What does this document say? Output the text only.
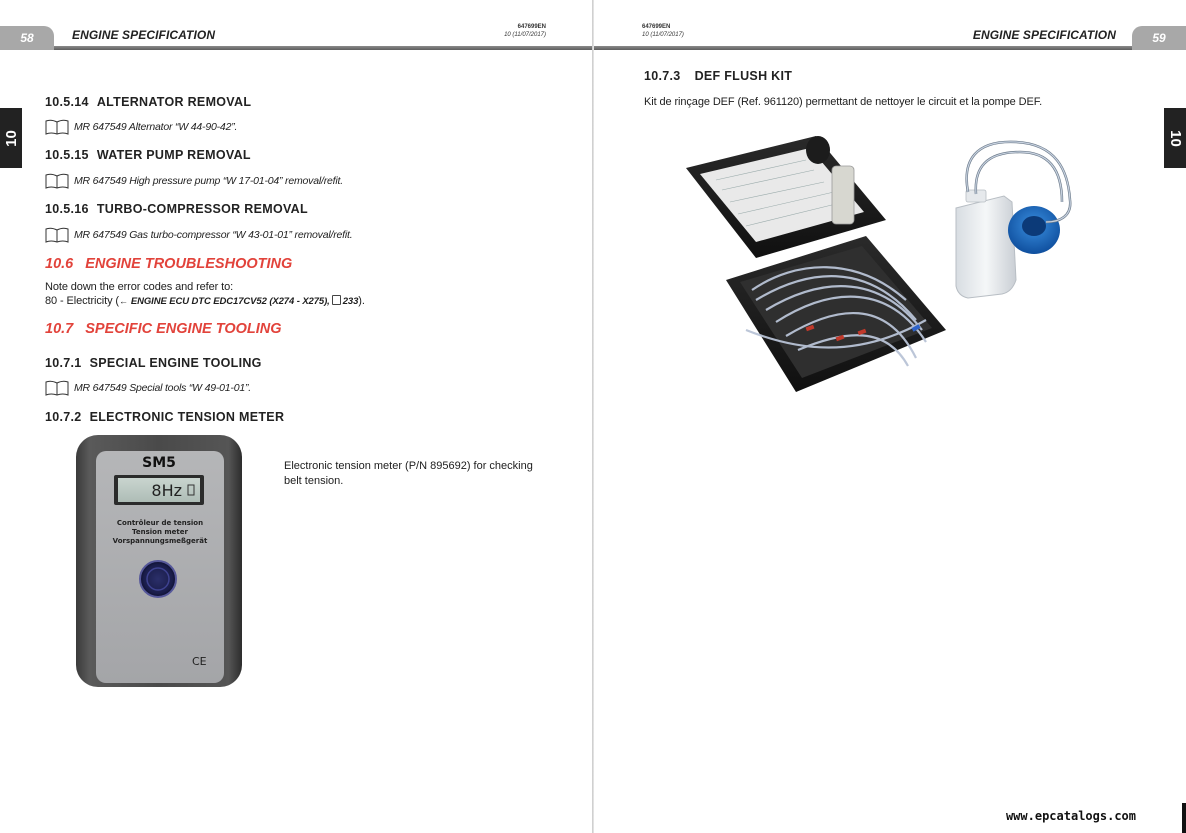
58	ENGINE SPECIFICATION
647699EN
10 (11/07/2017)
10
10.5.14 ALTERNATOR REMOVAL
MR 647549 Alternator “W 44-90-42”.
10.5.15 WATER PUMP REMOVAL
MR 647549 High pressure pump “W 17-01-04” removal/refit.
10.5.16 TURBO-COMPRESSOR REMOVAL
MR 647549 Gas turbo-compressor “W 43-01-01” removal/refit.
10.6 ENGINE TROUBLESHOOTING
Note down the error codes and refer to:
80 - Electricity (← ENGINE ECU DTC EDC17CV52 (X274 - X275), 233).
10.7 SPECIFIC ENGINE TOOLING
10.7.1 SPECIAL ENGINE TOOLING
MR 647549 Special tools “W 49-01-01”.
10.7.2 ELECTRONIC TENSION METER
SM5
8Hz
Contrôleur de tension
Tension meter
Vorspannungsmeßgerät
CE
Electronic tension meter (P/N 895692) for checking
belt tension.
59
ENGINE SPECIFICATION
647699EN
10 (11/07/2017)
10
10.7.3 DEF FLUSH KIT
Kit de rinçage DEF (Ref. 961120) permettant de nettoyer le circuit et la pompe DEF.
www.epcatalogs.com
